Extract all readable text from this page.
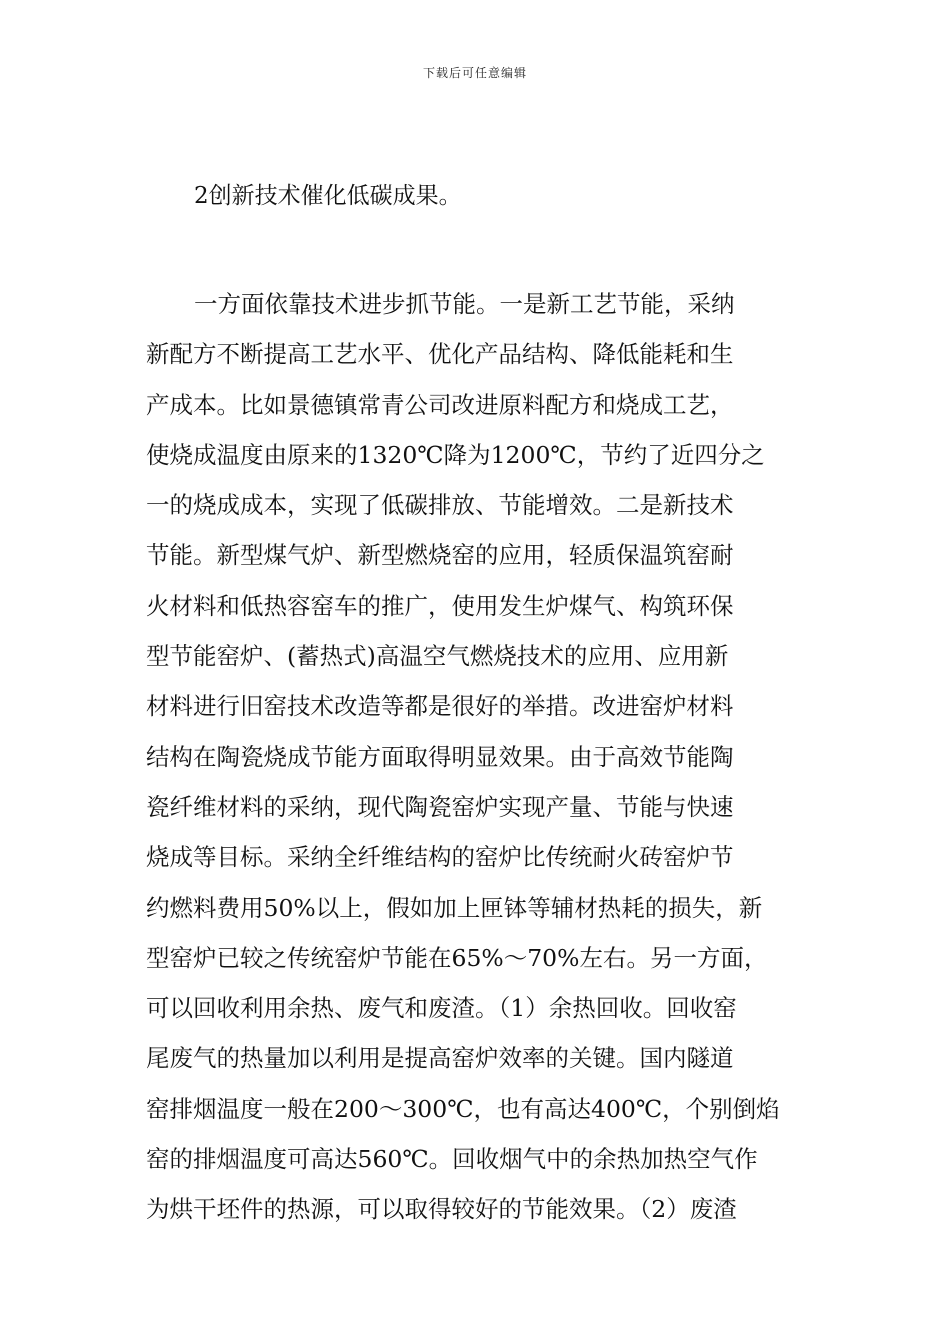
下载后可任意编辑
2创新技术催化低碳成果。
一方面依靠技术进步抓节能。一是新工艺节能，采纳
新配方不断提高工艺水平、优化产品结构、降低能耗和生
产成本。比如景德镇常青公司改进原料配方和烧成工艺，
使烧成温度由原来的1320℃降为1200℃，节约了近四分之
一的烧成成本，实现了低碳排放、节能增效。二是新技术
节能。新型煤气炉、新型燃烧窑的应用，轻质保温筑窑耐
火材料和低热容窑车的推广，使用发生炉煤气、构筑环保
型节能窑炉、(蓄热式)高温空气燃烧技术的应用、应用新
材料进行旧窑技术改造等都是很好的举措。改进窑炉材料
结构在陶瓷烧成节能方面取得明显效果。由于高效节能陶
瓷纤维材料的采纳，现代陶瓷窑炉实现产量、节能与快速
烧成等目标。采纳全纤维结构的窑炉比传统耐火砖窑炉节
约燃料费用50%以上，假如加上匣钵等辅材热耗的损失，新
型窑炉已较之传统窑炉节能在65%～70%左右。另一方面，
可以回收利用余热、废气和废渣。（1）余热回收。回收窑
尾废气的热量加以利用是提高窑炉效率的关键。国内隧道
窑排烟温度一般在200～300℃，也有高达400℃，个别倒焰
窑的排烟温度可高达560℃。回收烟气中的余热加热空气作
为烘干坯件的热源，可以取得较好的节能效果。（2）废渣
